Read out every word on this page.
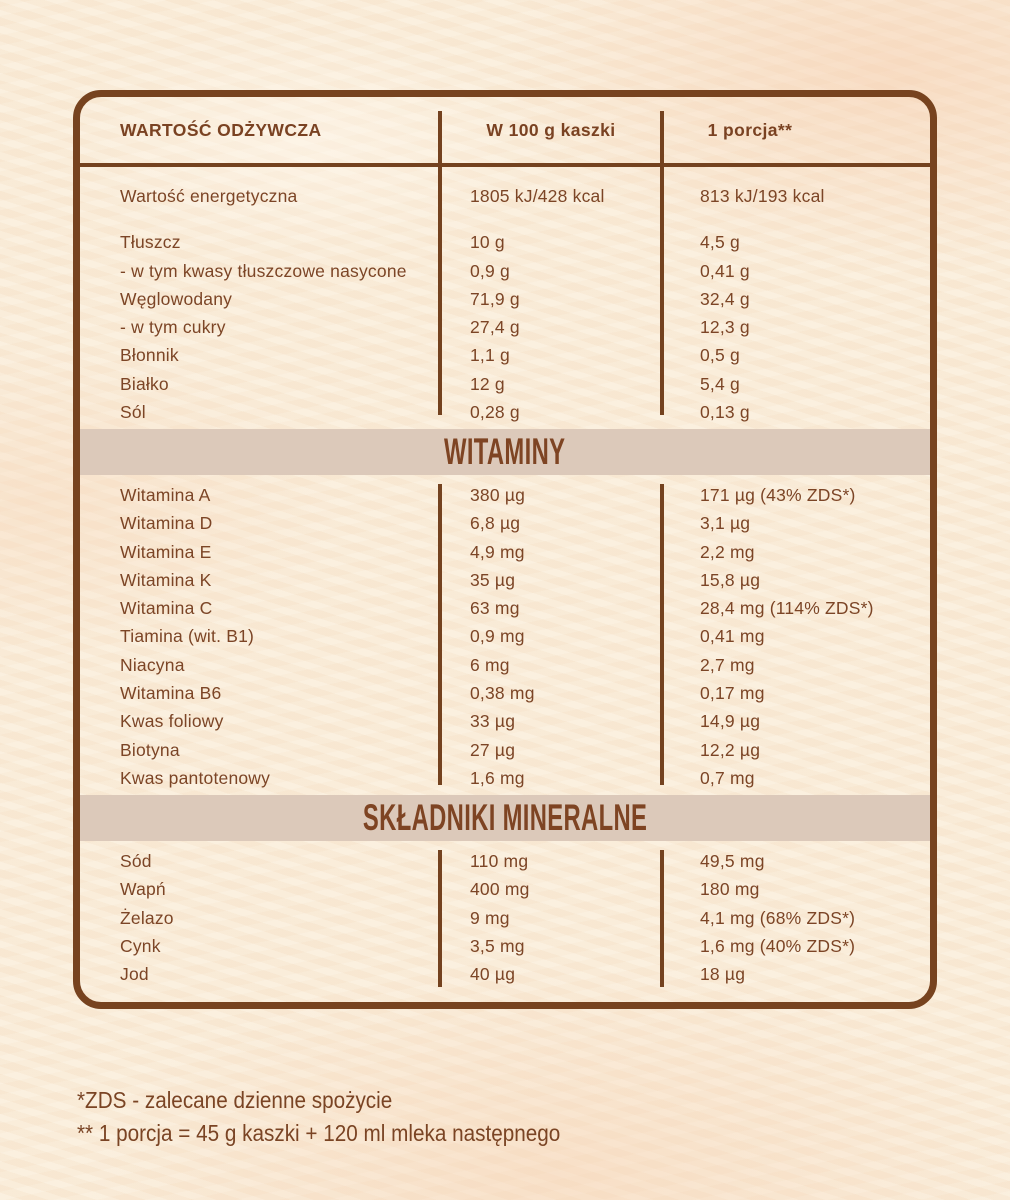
WARTOŚĆ ODŻYWCZA	W 100 g kaszki	1 porcja**
Wartość energetyczna	1805 kJ/428 kcal	813 kJ/193 kcal
Tłuszcz	10 g	4,5 g
- w tym kwasy tłuszczowe nasycone	0,9 g	0,41 g
Węglowodany	71,9 g	32,4 g
- w tym cukry	27,4 g	12,3 g
Błonnik	1,1 g	0,5 g
Białko	12 g	5,4 g
Sól	0,28 g	0,13 g
WITAMINY
Witamina A	380 µg	171 µg (43% ZDS*)
Witamina D	6,8 µg	3,1 µg
Witamina E	4,9 mg	2,2 mg
Witamina K	35 µg	15,8 µg
Witamina C	63 mg	28,4 mg (114% ZDS*)
Tiamina (wit. B1)	0,9 mg	0,41 mg
Niacyna	6 mg	2,7 mg
Witamina B6	0,38 mg	0,17 mg
Kwas foliowy	33 µg	14,9 µg
Biotyna	27 µg	12,2 µg
Kwas pantotenowy	1,6 mg	0,7 mg
SKŁADNIKI MINERALNE
Sód	110 mg	49,5 mg
Wapń	400 mg	180 mg
Żelazo	9 mg	4,1 mg (68% ZDS*)
Cynk	3,5 mg	1,6 mg (40% ZDS*)
Jod	40 µg	18 µg
*ZDS - zalecane dzienne spożycie
** 1 porcja = 45 g kaszki + 120 ml mleka następnego
